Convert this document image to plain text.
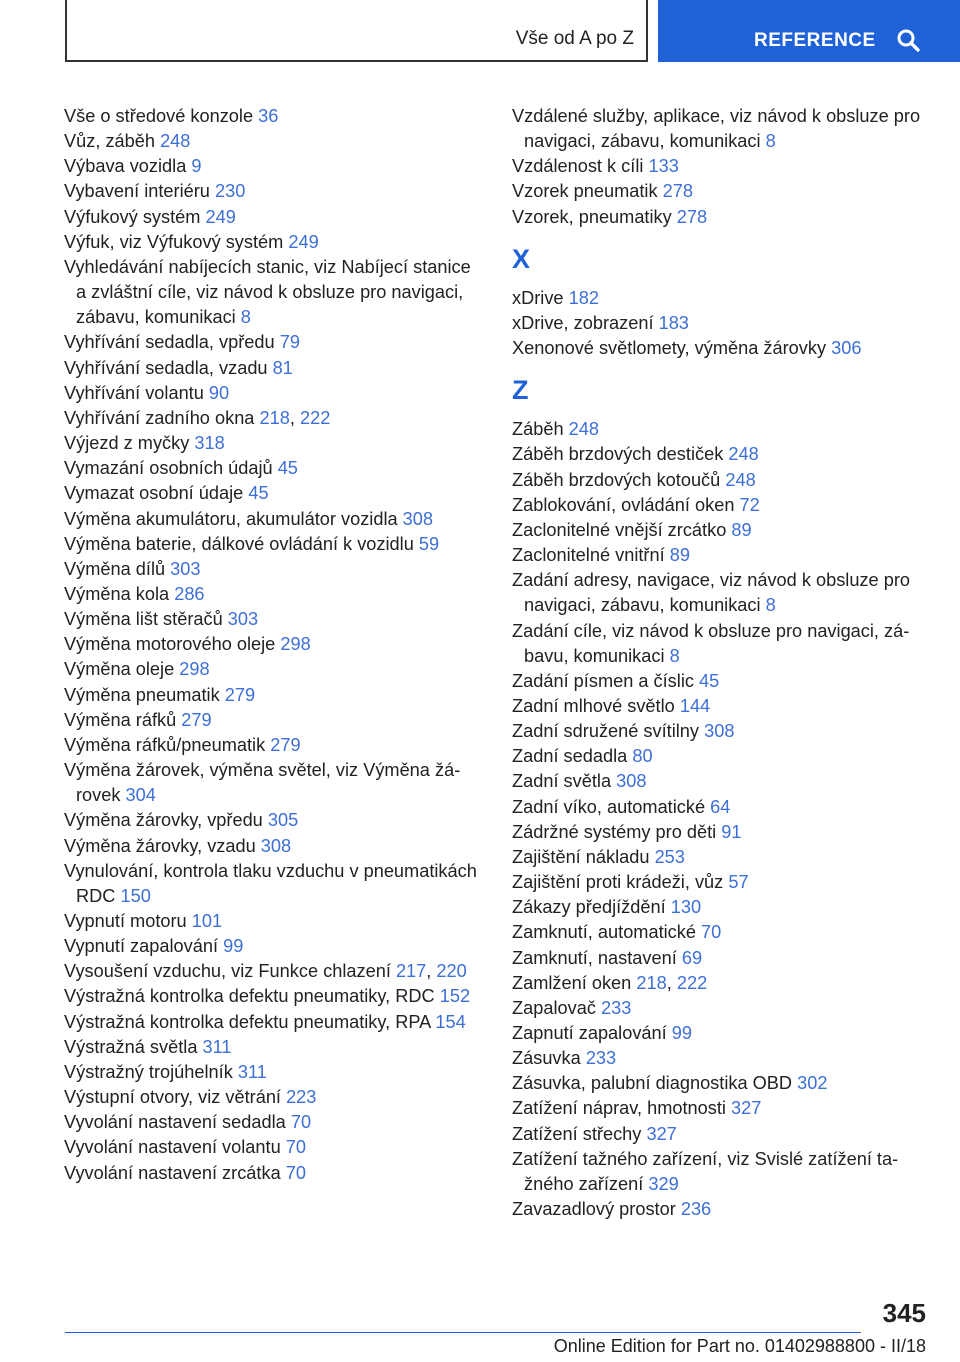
Vše od A po Z	REFERENCE
Vše o středové konzole 36
Vůz, záběh 248
Výbava vozidla 9
Vybavení interiéru 230
Výfukový systém 249
Výfuk, viz Výfukový systém 249
Vyhledávání nabíjecích stanic, viz Nabíjecí stanice a zvláštní cíle, viz návod k obsluze pro navigaci, zábavu, komunikaci 8
Vyhřívání sedadla, vpředu 79
Vyhřívání sedadla, vzadu 81
Vyhřívání volantu 90
Vyhřívání zadního okna 218, 222
Výjezd z myčky 318
Vymazání osobních údajů 45
Vymazat osobní údaje 45
Výměna akumulátoru, akumulátor vozidla 308
Výměna baterie, dálkové ovládání k vozidlu 59
Výměna dílů 303
Výměna kola 286
Výměna lišt stěračů 303
Výměna motorového oleje 298
Výměna oleje 298
Výměna pneumatik 279
Výměna ráfků 279
Výměna ráfků/pneumatik 279
Výměna žárovek, výměna světel, viz Výměna žárovek 304
Výměna žárovky, vpředu 305
Výměna žárovky, vzadu 308
Vynulování, kontrola tlaku vzduchu v pneumatikách RDC 150
Vypnutí motoru 101
Vypnutí zapalování 99
Vysoušení vzduchu, viz Funkce chlazení 217, 220
Výstražná kontrolka defektu pneumatiky, RDC 152
Výstražná kontrolka defektu pneumatiky, RPA 154
Výstražná světla 311
Výstražný trojúhelník 311
Výstupní otvory, viz větrání 223
Vyvolání nastavení sedadla 70
Vyvolání nastavení volantu 70
Vyvolání nastavení zrcátka 70
Vzdálené služby, aplikace, viz návod k obsluze pro navigaci, zábavu, komunikaci 8
Vzdálenost k cíli 133
Vzorek pneumatik 278
Vzorek, pneumatiky 278
X
xDrive 182
xDrive, zobrazení 183
Xenonové světlomety, výměna žárovky 306
Z
Záběh 248
Záběh brzdových destiček 248
Záběh brzdových kotoučů 248
Zablokování, ovládání oken 72
Zaclonitelné vnější zrcátko 89
Zaclonitelné vnitřní 89
Zadání adresy, navigace, viz návod k obsluze pro navigaci, zábavu, komunikaci 8
Zadání cíle, viz návod k obsluze pro navigaci, zábavu, komunikaci 8
Zadání písmen a číslic 45
Zadní mlhové světlo 144
Zadní sdružené svítilny 308
Zadní sedadla 80
Zadní světla 308
Zadní víko, automatické 64
Zádržné systémy pro děti 91
Zajištění nákladu 253
Zajištění proti krádeži, vůz 57
Zákazy předjíždění 130
Zamknutí, automatické 70
Zamknutí, nastavení 69
Zamlžení oken 218, 222
Zapalovač 233
Zapnutí zapalování 99
Zásuvka 233
Zásuvka, palubní diagnostika OBD 302
Zatížení náprav, hmotnosti 327
Zatížení střechy 327
Zatížení tažného zařízení, viz Svislé zatížení tažného zařízení 329
Zavazadlový prostor 236
345
Online Edition for Part no. 01402988800 - II/18
